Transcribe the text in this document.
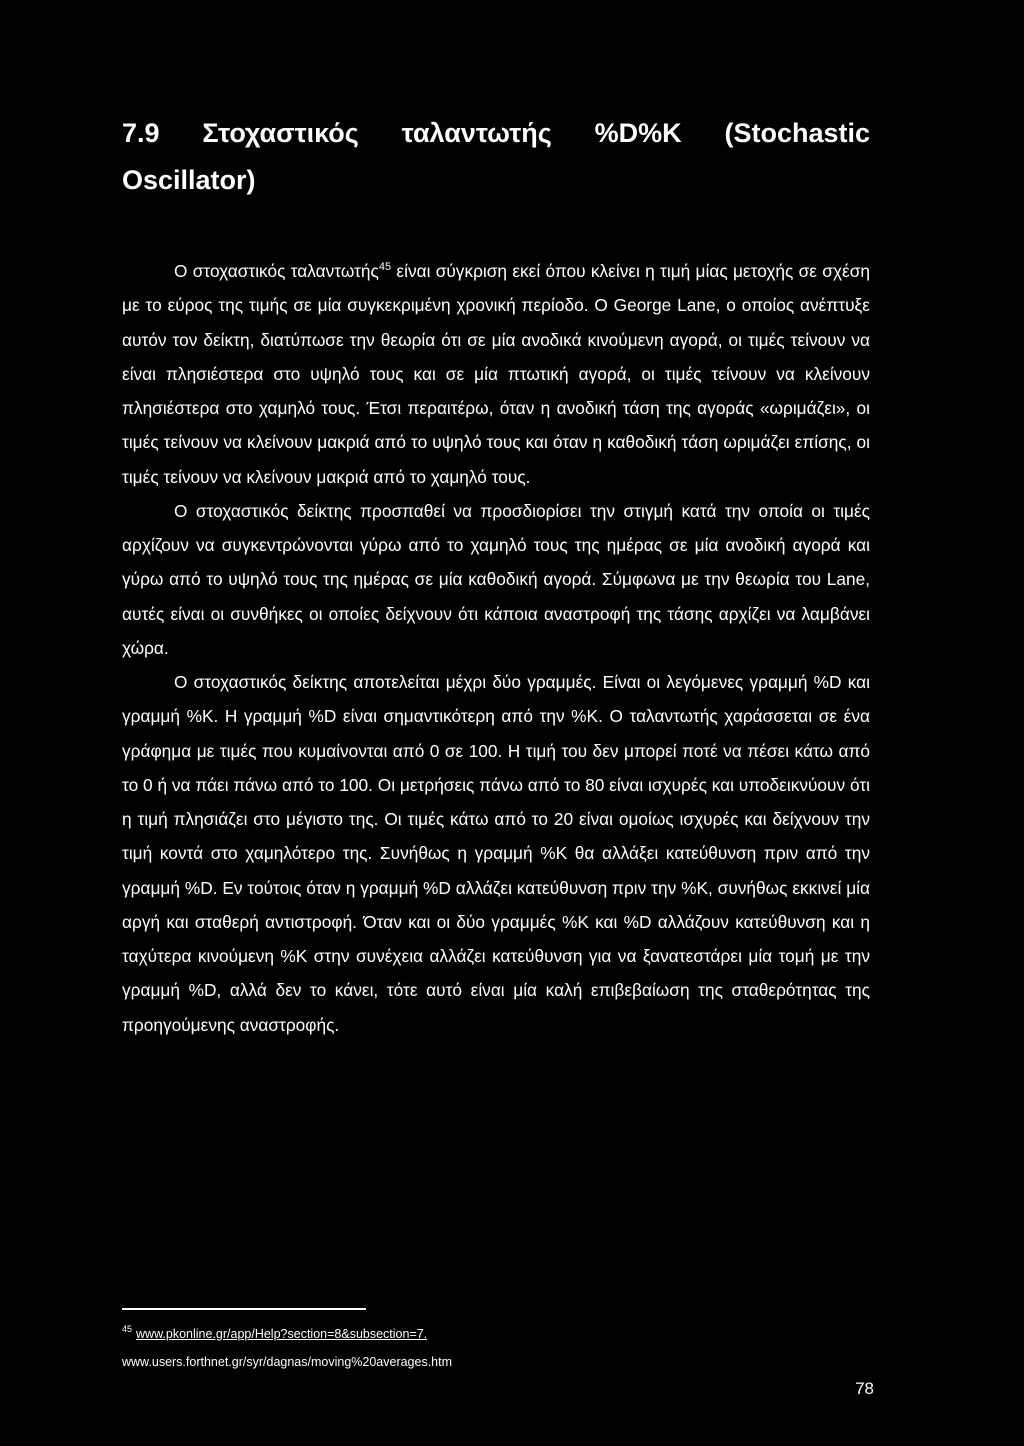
7.9 Στοχαστικός ταλαντωτής %D%K (Stochastic Oscillator)

Ο στοχαστικός ταλαντωτής$^{45}$ είναι σύγκριση εκεί όπου κλείνει η τιμή μίας μετοχής σε σχέση με το εύρος της τιμής σε μία συγκεκριμένη χρονική περίοδο. Ο George Lane, ο οποίος ανέπτυξε αυτόν τον δείκτη, διατύπωσε την θεωρία ότι σε μία ανοδικά κινούμενη αγορά, οι τιμές τείνουν να είναι πλησιέστερα στο υψηλό τους και σε μία πτωτική αγορά, οι τιμές τείνουν να κλείνουν πλησιέστερα στο χαμηλό τους. Έτσι περαιτέρω, όταν η ανοδική τάση της αγοράς «ωριμάζει», οι τιμές τείνουν να κλείνουν μακριά από το υψηλό τους και όταν η καθοδική τάση ωριμάζει επίσης, οι τιμές τείνουν να κλείνουν μακριά από το χαμηλό τους.

Ο στοχαστικός δείκτης προσπαθεί να προσδιορίσει την στιγμή κατά την οποία οι τιμές αρχίζουν να συγκεντρώνονται γύρω από το χαμηλό τους της ημέρας σε μία ανοδική αγορά και γύρω από το υψηλό τους της ημέρας σε μία καθοδική αγορά. Σύμφωνα με την θεωρία του Lane, αυτές είναι οι συνθήκες οι οποίες δείχνουν ότι κάποια αναστροφή της τάσης αρχίζει να λαμβάνει χώρα.

Ο στοχαστικός δείκτης αποτελείται μέχρι δύο γραμμές. Είναι οι λεγόμενες γραμμή %D και γραμμή %K. Η γραμμή %D είναι σημαντικότερη από την %K. Ο ταλαντωτής χαράσσεται σε ένα γράφημα με τιμές που κυμαίνονται από 0 σε 100. Η τιμή του δεν μπορεί ποτέ να πέσει κάτω από το 0 ή να πάει πάνω από το 100. Οι μετρήσεις πάνω από το 80 είναι ισχυρές και υποδεικνύουν ότι η τιμή πλησιάζει στο μέγιστο της. Οι τιμές κάτω από το 20 είναι ομοίως ισχυρές και δείχνουν την τιμή κοντά στο χαμηλότερο της. Συνήθως η γραμμή %K θα αλλάξει κατεύθυνση πριν από την γραμμή %D. Εν τούτοις όταν η γραμμή %D αλλάζει κατεύθυνση πριν την %K, συνήθως εκκινεί μία αργή και σταθερή αντιστροφή. Όταν και οι δύο γραμμές %K και %D αλλάζουν κατεύθυνση και η ταχύτερα κινούμενη %K στην συνέχεια αλλάζει κατεύθυνση για να ξανατεστάρει μία τομή με την γραμμή %D, αλλά δεν το κάνει, τότε αυτό είναι μία καλή επιβεβαίωση της σταθερότητας της προηγούμενης αναστροφής.

$^{45}$ www.pkonline.gr/app/Help?section=8&subsection=7.
www.users.forthnet.gr/syr/dagnas/moving%20averages.htm
78
